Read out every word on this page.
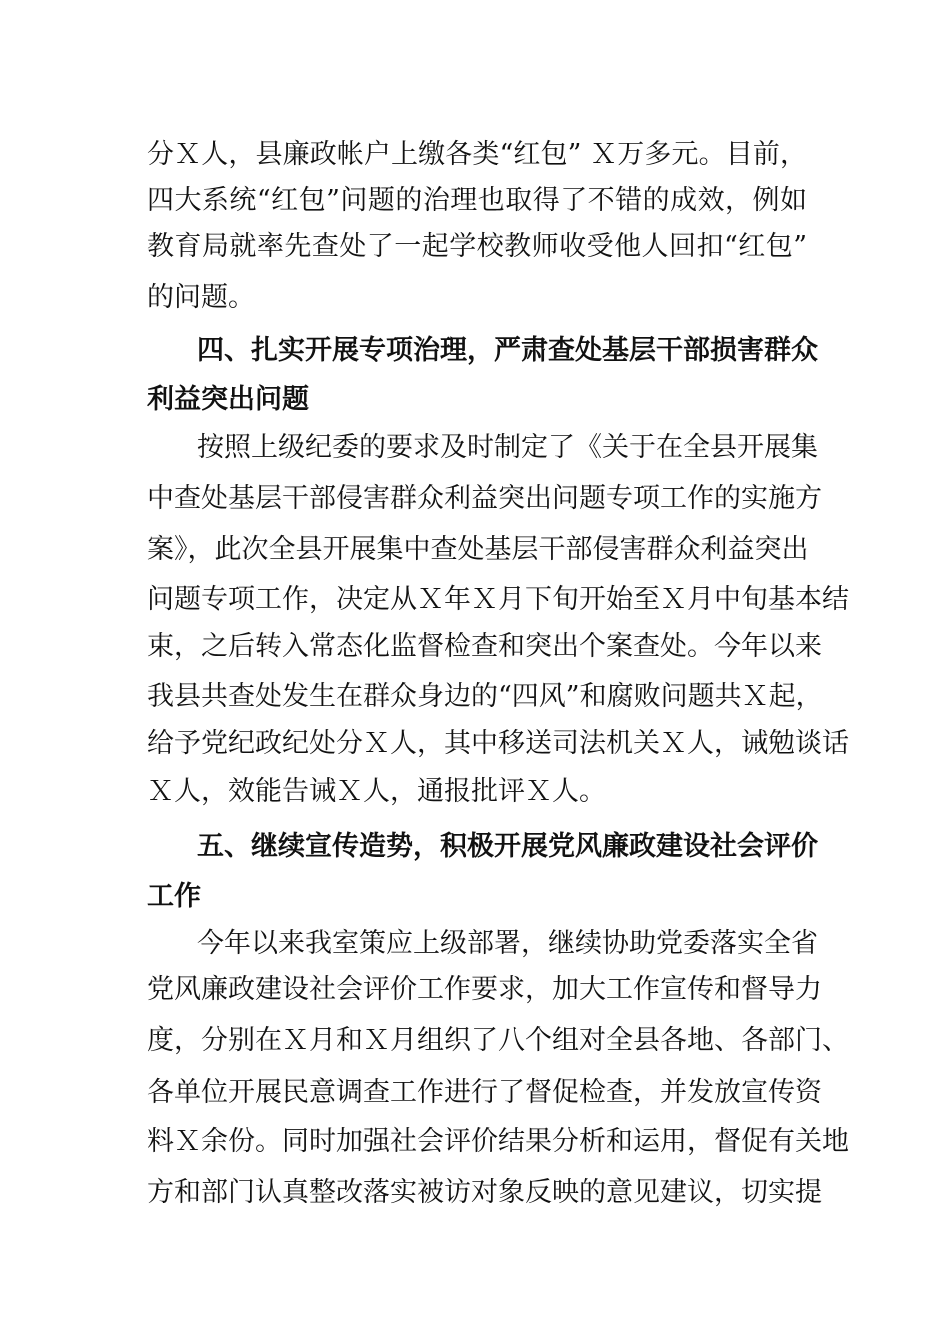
分Ｘ人，县廉政帐户上缴各类“红包” Ｘ万多元。目前，
四大系统“红包”问题的治理也取得了不错的成效，例如
教育局就率先查处了一起学校教师收受他人回扣“红包”
的问题。
四、扎实开展专项治理，严肃查处基层干部损害群众
利益突出问题
按照上级纪委的要求及时制定了《关于在全县开展集
中查处基层干部侵害群众利益突出问题专项工作的实施方
案》，此次全县开展集中查处基层干部侵害群众利益突出
问题专项工作，决定从Ｘ年Ｘ月下旬开始至Ｘ月中旬基本结
束，之后转入常态化监督检查和突出个案查处。今年以来
我县共查处发生在群众身边的“四风”和腐败问题共Ｘ起，
给予党纪政纪处分Ｘ人，其中移送司法机关Ｘ人，诫勉谈话
Ｘ人，效能告诫Ｘ人，通报批评Ｘ人。
五、继续宣传造势，积极开展党风廉政建设社会评价
工作
今年以来我室策应上级部署，继续协助党委落实全省
党风廉政建设社会评价工作要求，加大工作宣传和督导力
度，分别在Ｘ月和Ｘ月组织了八个组对全县各地、各部门、
各单位开展民意调查工作进行了督促检查，并发放宣传资
料Ｘ余份。同时加强社会评价结果分析和运用，督促有关地
方和部门认真整改落实被访对象反映的意见建议，切实提
